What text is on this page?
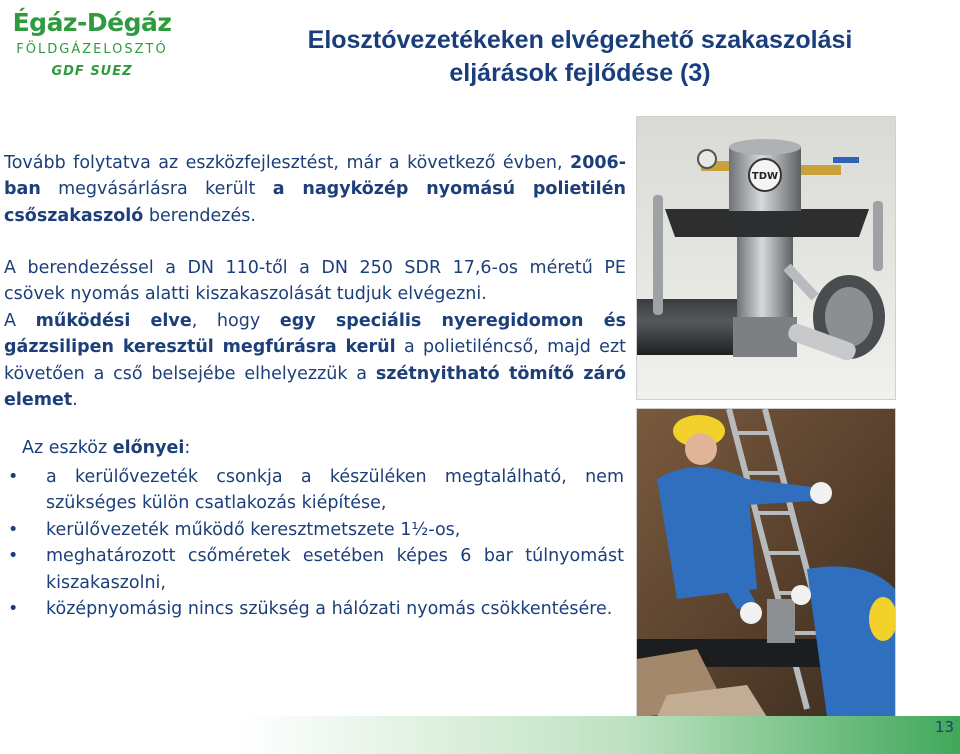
Égáz-Dégáz
FÖLDGÁZELOSZTÓ
GDF SUEZ
Elosztóvezetékeken elvégezhető szakaszolási
eljárások fejlődése (3)

Tovább folytatva az eszközfejlesztést, már a következő évben, 2006-ban megvásárlásra került a nagyközép nyomású polietilén csőszakaszoló berendezés.

A berendezéssel a DN 110-től a DN 250 SDR 17,6-os méretű PE csövek nyomás alatti kiszakaszolását tudjuk elvégezni.

A működési elve, hogy egy speciális nyeregidomon és gázzsilipen keresztül megfúrásra kerül a polietiléncső, majd ezt követően a cső belsejébe elhelyezzük a szétnyitható tömítő záró elemet.

Az eszköz előnyei:
• a kerülővezeték csonkja a készüléken megtalálható, nem szükséges külön csatlakozás kiépítése,
• kerülővezeték működő keresztmetszete 1½-os,
• meghatározott csőméretek esetében képes 6 bar túlnyomást kiszakaszolni,
• középnyomásig nincs szükség a hálózati nyomás csökkentésére.
TDW
13
